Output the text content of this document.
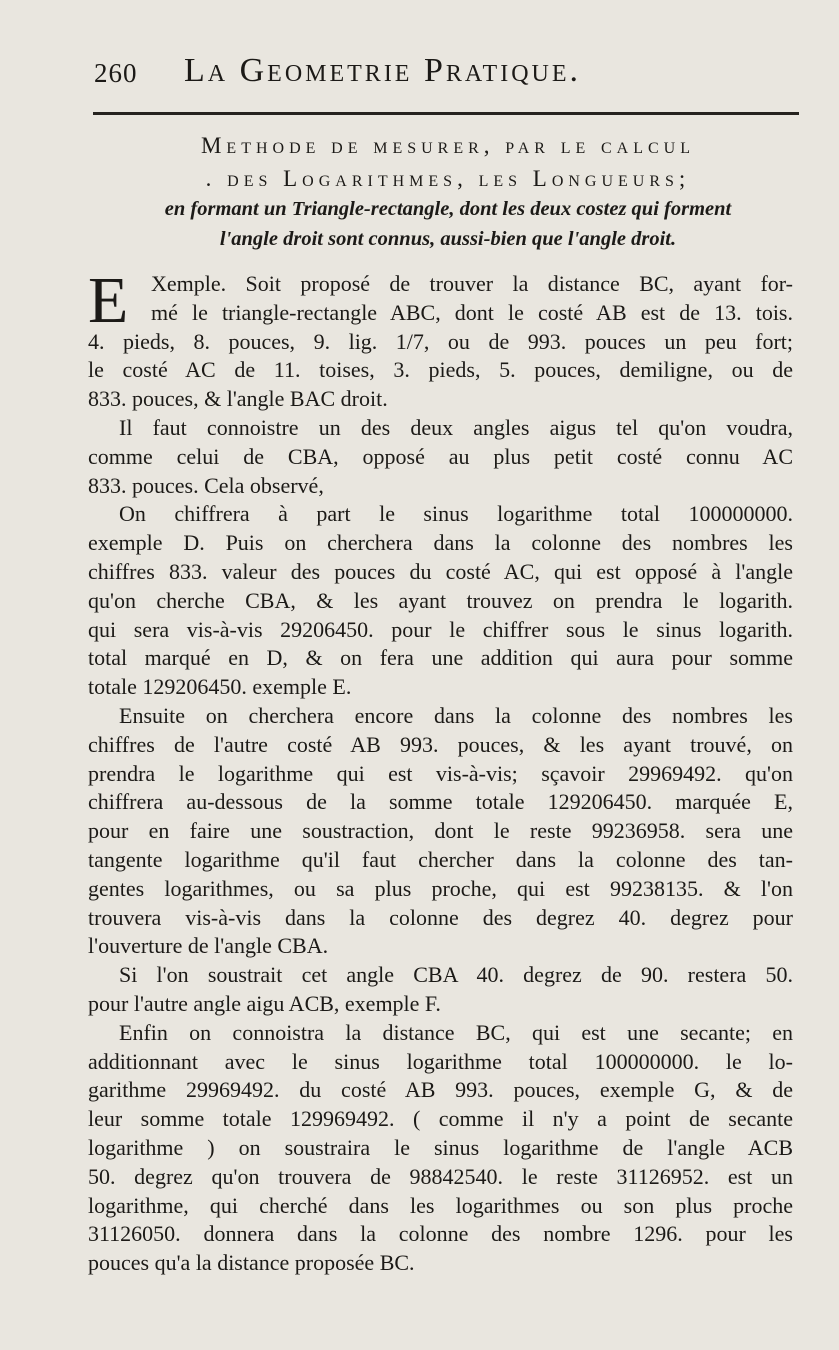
260 La Geometrie Pratique.
Methode de mesurer, par le calcul
. des Logarithmes, les Longueurs;
en formant un Triangle-rectangle, dont les deux costez qui forment
l'angle droit sont connus, aussi-bien que l'angle droit.
E	Xemple. Soit proposé de trouver la distance BC, ayant for-
mé le triangle-rectangle ABC, dont le costé AB est de 13. tois.
4. pieds, 8. pouces, 9. lig. 1/7, ou de 993. pouces un peu fort;
le costé AC de 11. toises, 3. pieds, 5. pouces, demiligne, ou de
833. pouces, & l'angle BAC droit.
Il faut connoistre un des deux angles aigus tel qu'on voudra,
comme celui de CBA, opposé au plus petit costé connu AC
833. pouces. Cela observé,
On chiffrera à part le sinus logarithme total 100000000.
exemple D. Puis on cherchera dans la colonne des nombres les
chiffres 833. valeur des pouces du costé AC, qui est opposé à l'angle
qu'on cherche CBA, & les ayant trouvez on prendra le logarith.
qui sera vis-à-vis 29206450. pour le chiffrer sous le sinus logarith.
total marqué en D, & on fera une addition qui aura pour somme
totale 129206450. exemple E.
Ensuite on cherchera encore dans la colonne des nombres les
chiffres de l'autre costé AB 993. pouces, & les ayant trouvé, on
prendra le logarithme qui est vis-à-vis; sçavoir 29969492. qu'on
chiffrera au-dessous de la somme totale 129206450. marquée E,
pour en faire une soustraction, dont le reste 99236958. sera une
tangente logarithme qu'il faut chercher dans la colonne des tan-
gentes logarithmes, ou sa plus proche, qui est 99238135. & l'on
trouvera vis-à-vis dans la colonne des degrez 40. degrez pour
l'ouverture de l'angle CBA.
Si l'on soustrait cet angle CBA 40. degrez de 90. restera 50.
pour l'autre angle aigu ACB, exemple F.
Enfin on connoistra la distance BC, qui est une secante; en
additionnant avec le sinus logarithme total 100000000. le lo-
garithme 29969492. du costé AB 993. pouces, exemple G, & de
leur somme totale 129969492. ( comme il n'y a point de secante
logarithme ) on soustraira le sinus logarithme de l'angle ACB
50. degrez qu'on trouvera de 98842540. le reste 31126952. est un
logarithme, qui cherché dans les logarithmes ou son plus proche
31126050. donnera dans la colonne des nombre 1296. pour les
pouces qu'a la distance proposée BC.
